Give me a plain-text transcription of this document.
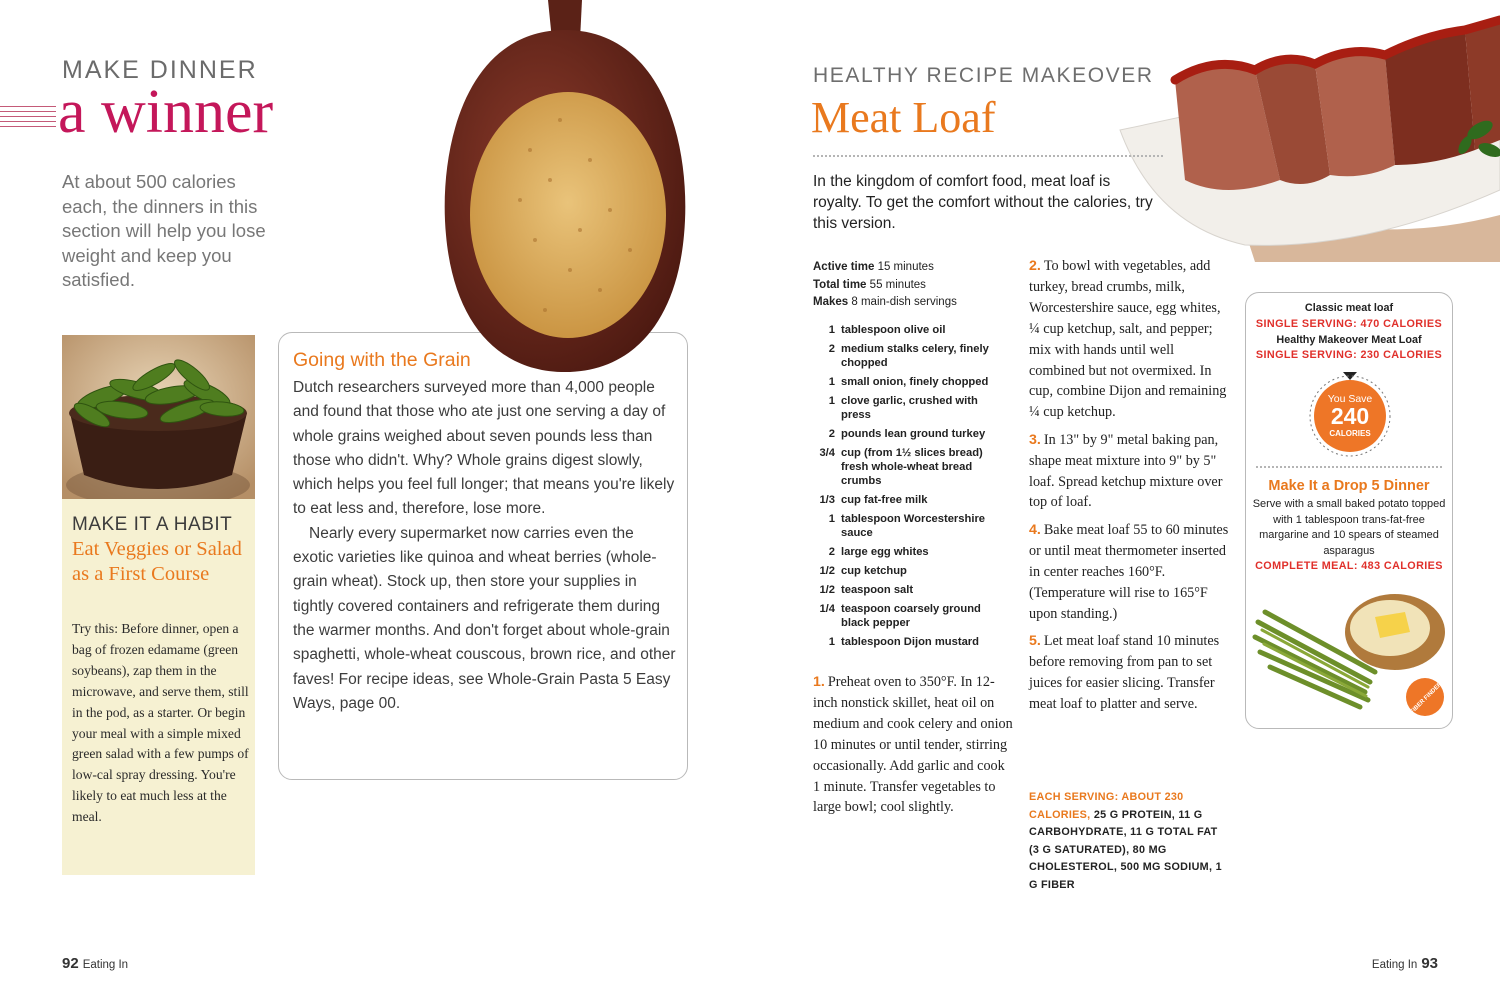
MAKE DINNER
a winner
At about 500 calories each, the dinners in this section will help you lose weight and keep you satisfied.
MAKE IT A HABIT
Eat Veggies or Salad as a First Course
Try this: Before dinner, open a bag of frozen edamame (green soybeans), zap them in the microwave, and serve them, still in the pod, as a starter. Or begin your meal with a simple mixed green salad with a few pumps of low-cal spray dressing. You're likely to eat much less at the meal.
Going with the Grain

Dutch researchers surveyed more than 4,000 people and found that those who ate just one serving a day of whole grains weighed about seven pounds less than those who didn't. Why? Whole grains digest slowly, which helps you feel full longer; that means you're likely to eat less and, therefore, lose more.

Nearly every supermarket now carries even the exotic varieties like quinoa and wheat berries (whole-grain wheat). Stock up, then store your supplies in tightly covered containers and refrigerate them during the warmer months. And don't forget about whole-grain spaghetti, whole-wheat couscous, brown rice, and other faves! For recipe ideas, see Whole-Grain Pasta 5 Easy Ways, page 00.

92 Eating In
HEALTHY RECIPE MAKEOVER
Meat Loaf
In the kingdom of comfort food, meat loaf is royalty. To get the comfort without the calories, try this version.
Active time 15 minutes
Total time 55 minutes
Makes 8 main-dish servings
1 tablespoon olive oil
2 medium stalks celery, finely chopped
1 small onion, finely chopped
1 clove garlic, crushed with press
2 pounds lean ground turkey
3/4 cup (from 1½ slices bread) fresh whole-wheat bread crumbs
1/3 cup fat-free milk
1 tablespoon Worcestershire sauce
2 large egg whites
1/2 cup ketchup
1/2 teaspoon salt
1/4 teaspoon coarsely ground black pepper
1 tablespoon Dijon mustard
1. Preheat oven to 350°F. In 12-inch nonstick skillet, heat oil on medium and cook celery and onion 10 minutes or until tender, stirring occasionally. Add garlic and cook 1 minute. Transfer vegetables to large bowl; cool slightly.
2. To bowl with vegetables, add turkey, bread crumbs, milk, Worcestershire sauce, egg whites, ¼ cup ketchup, salt, and pepper; mix with hands until well combined but not overmixed. In cup, combine Dijon and remaining ¼ cup ketchup.
3. In 13" by 9" metal baking pan, shape meat mixture into 9" by 5" loaf. Spread ketchup mixture over top of loaf.
4. Bake meat loaf 55 to 60 minutes or until meat thermometer inserted in center reaches 160°F. (Temperature will rise to 165°F upon standing.)
5. Let meat loaf stand 10 minutes before removing from pan to set juices for easier slicing. Transfer meat loaf to platter and serve.
EACH SERVING: ABOUT 230 CALORIES, 25 G PROTEIN, 11 G CARBOHYDRATE, 11 G TOTAL FAT (3 G SATURATED), 80 MG CHOLESTEROL, 500 MG SODIUM, 1 G FIBER
Classic meat loaf
SINGLE SERVING: 470 CALORIES
Healthy Makeover Meat Loaf
SINGLE SERVING: 230 CALORIES
You Save
240
CALORIES
Make It a Drop 5 Dinner
Serve with a small baked potato topped with 1 tablespoon trans-fat-free margarine and 10 spears of steamed asparagus
COMPLETE MEAL: 483 CALORIES
FIBER FINDER
Eating In 93
